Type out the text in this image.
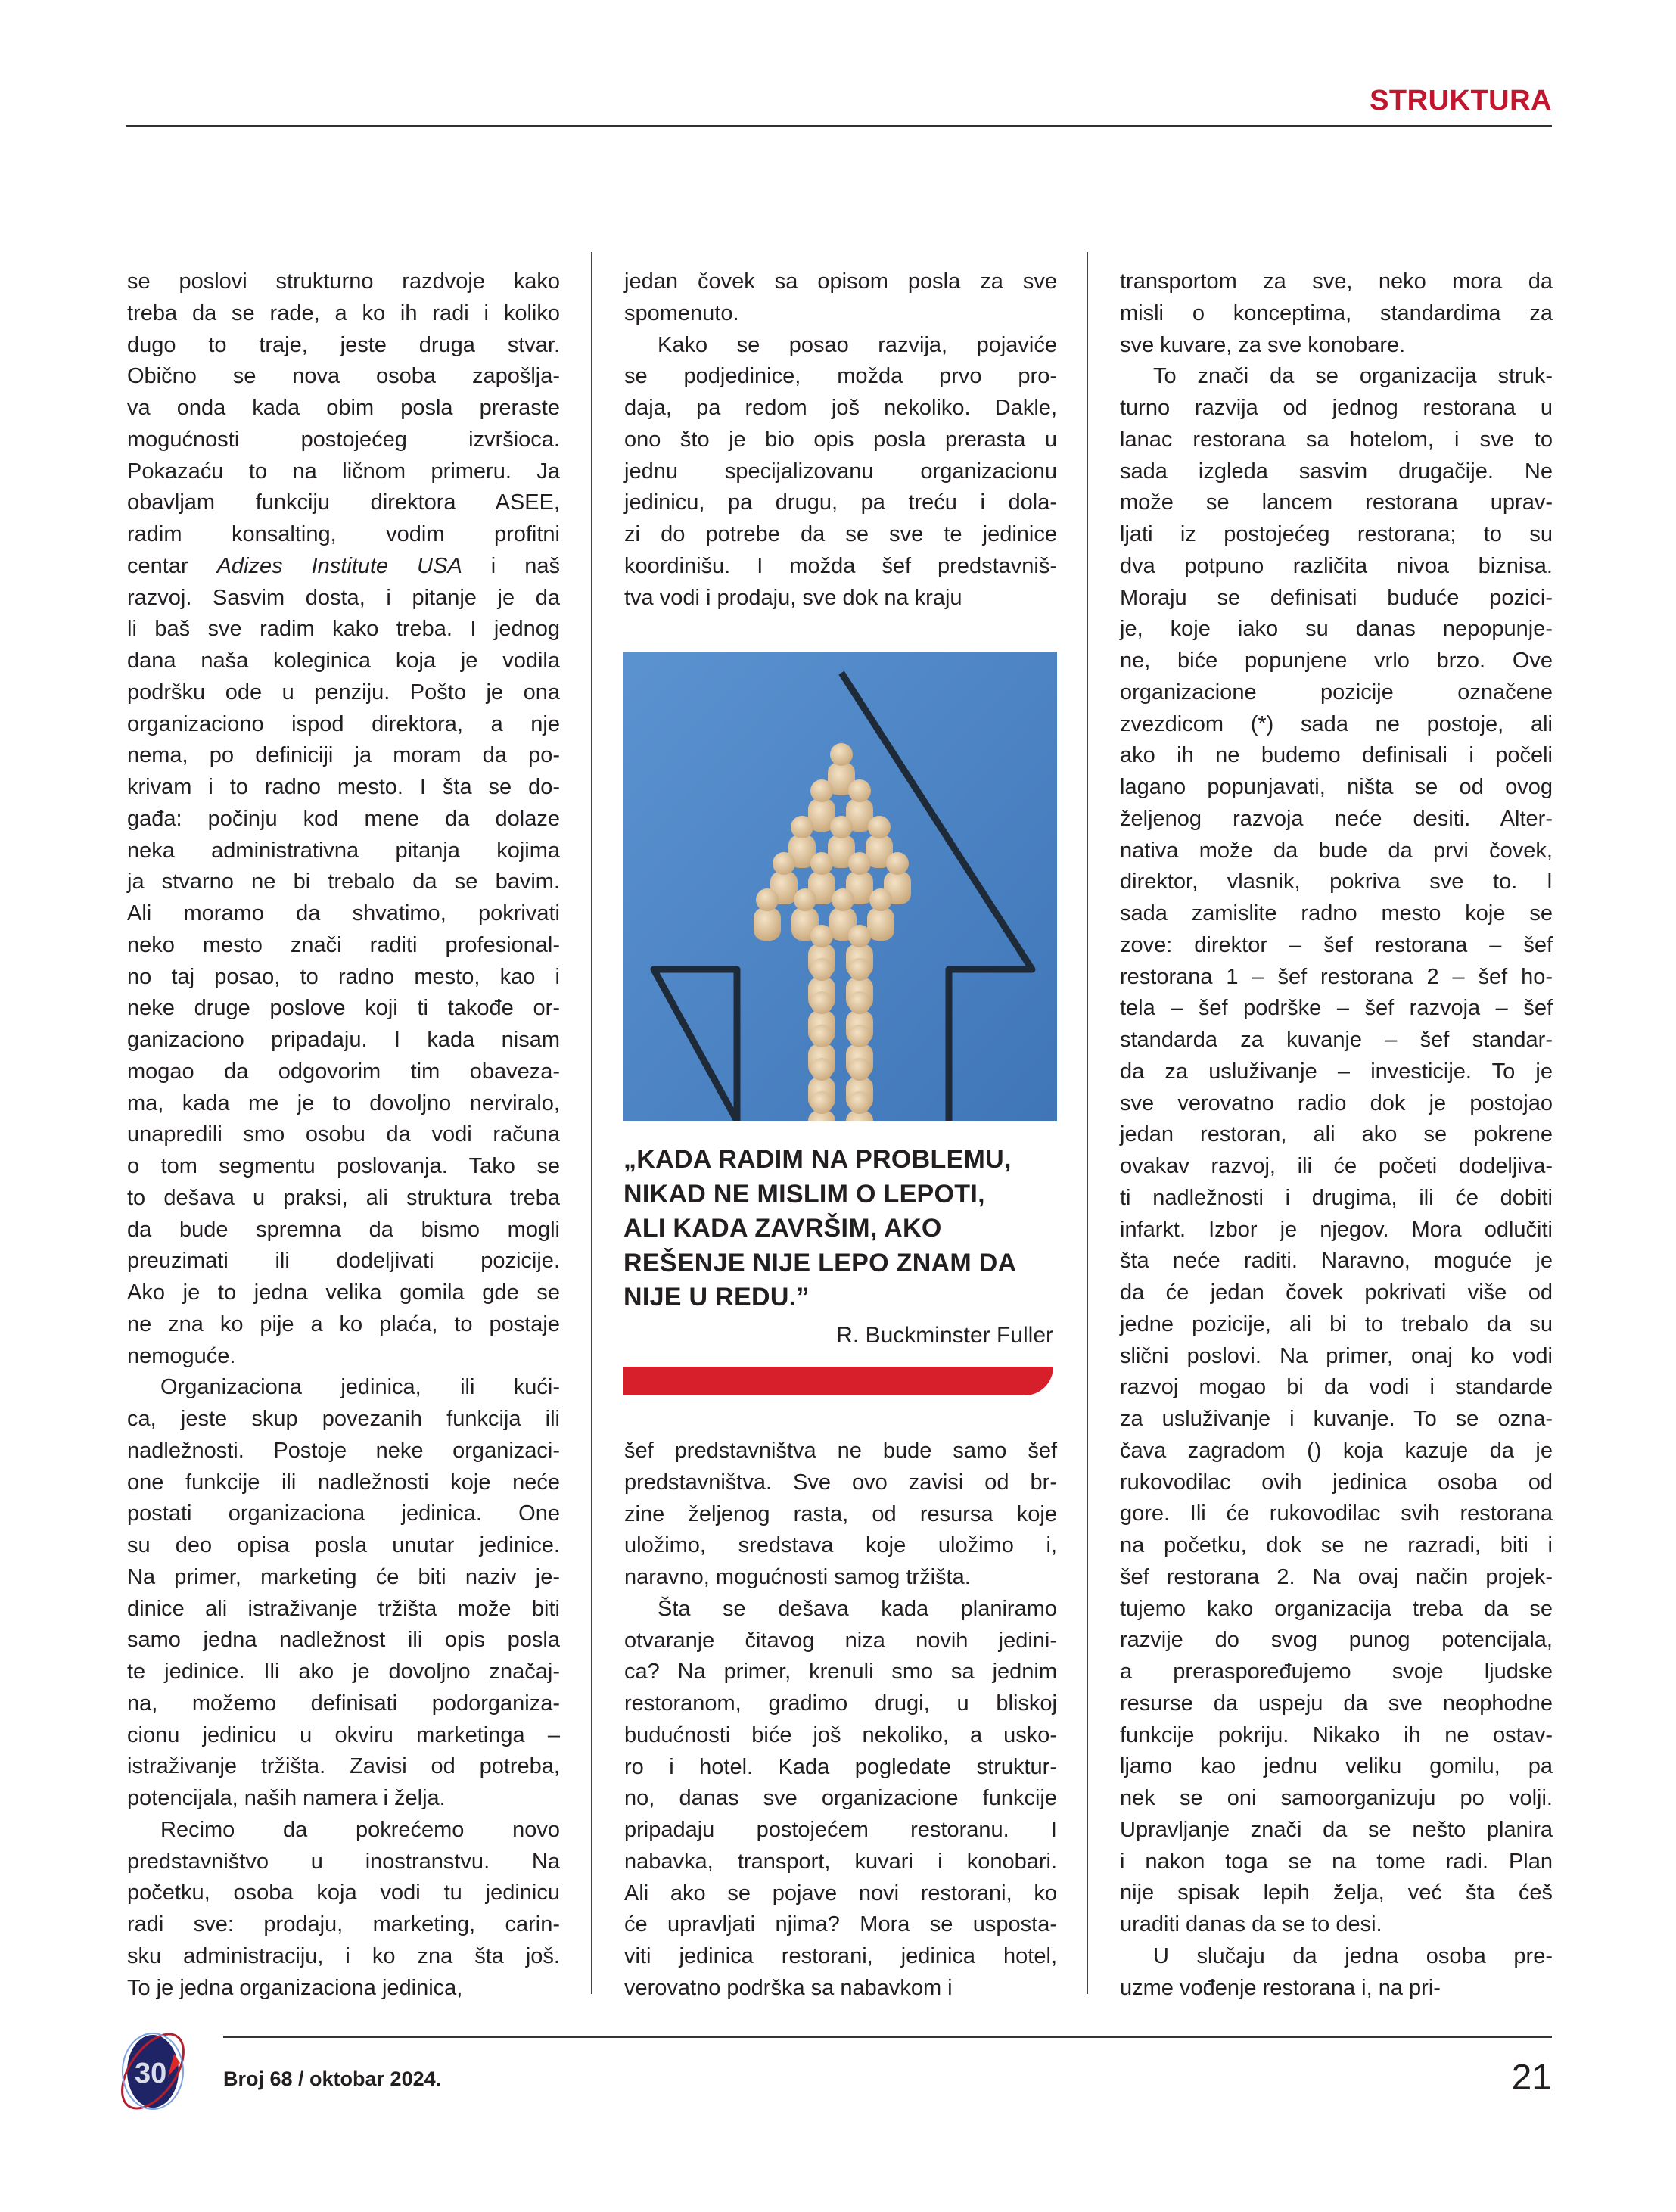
STRUKTURA
se poslovi strukturno razdvoje kako
treba da se rade, a ko ih radi i koliko
dugo to traje, jeste druga stvar.
Obično se nova osoba zapošlja-
va onda kada obim posla preraste
mogućnosti postojećeg izvršioca.
Pokazaću to na ličnom primeru. Ja
obavljam funkciju direktora ASEE,
radim konsalting, vodim profitni
centar Adizes Institute USA i naš
razvoj. Sasvim dosta, i pitanje je da
li baš sve radim kako treba. I jednog
dana naša koleginica koja je vodila
podršku ode u penziju. Pošto je ona
organizaciono ispod direktora, a nje
nema, po definiciji ja moram da po-
krivam i to radno mesto. I šta se do-
gađa: počinju kod mene da dolaze
neka administrativna pitanja kojima
ja stvarno ne bi trebalo da se bavim.
Ali moramo da shvatimo, pokrivati
neko mesto znači raditi profesional-
no taj posao, to radno mesto, kao i
neke druge poslove koji ti takođe or-
ganizaciono pripadaju. I kada nisam
mogao da odgovorim tim obaveza-
ma, kada me je to dovoljno nerviralo,
unapredili smo osobu da vodi računa
o tom segmentu poslovanja. Tako se
to dešava u praksi, ali struktura treba
da bude spremna da bismo mogli
preuzimati ili dodeljivati pozicije.
Ako je to jedna velika gomila gde se
ne zna ko pije a ko plaća, to postaje
nemoguće.
Organizaciona jedinica, ili kući-
ca, jeste skup povezanih funkcija ili
nadležnosti. Postoje neke organizaci-
one funkcije ili nadležnosti koje neće
postati organizaciona jedinica. One
su deo opisa posla unutar jedinice.
Na primer, marketing će biti naziv je-
dinice ali istraživanje tržišta može biti
samo jedna nadležnost ili opis posla
te jedinice. Ili ako je dovoljno značaj-
na, možemo definisati podorganiza-
cionu jedinicu u okviru marketinga –
istraživanje tržišta. Zavisi od potreba,
potencijala, naših namera i želja.
Recimo da pokrećemo novo
predstavništvo u inostranstvu. Na
početku, osoba koja vodi tu jedinicu
radi sve: prodaju, marketing, carin-
sku administraciju, i ko zna šta još.
To je jedna organizaciona jedinica,
jedan čovek sa opisom posla za sve
spomenuto.
Kako se posao razvija, pojaviće
se podjedinice, možda prvo pro-
daja, pa redom još nekoliko. Dakle,
ono što je bio opis posla prerasta u
jednu specijalizovanu organizacionu
jedinicu, pa drugu, pa treću i dola-
zi do potrebe da se sve te jedinice
koordinišu. I možda šef predstavniš-
tva vodi i prodaju, sve dok na kraju
„KADA RADIM NA PROBLEMU,
NIKAD NE MISLIM O LEPOTI,
ALI KADA ZAVRŠIM, AKO
REŠENJE NIJE LEPO ZNAM DA
NIJE U REDU.”
R. Buckminster Fuller
šef predstavništva ne bude samo šef
predstavništva. Sve ovo zavisi od br-
zine željenog rasta, od resursa koje
uložimo, sredstava koje uložimo i,
naravno, mogućnosti samog tržišta.
Šta se dešava kada planiramo
otvaranje čitavog niza novih jedini-
ca? Na primer, krenuli smo sa jednim
restoranom, gradimo drugi, u bliskoj
budućnosti biće još nekoliko, a usko-
ro i hotel. Kada pogledate struktur-
no, danas sve organizacione funkcije
pripadaju postojećem restoranu. I
nabavka, transport, kuvari i konobari.
Ali ako se pojave novi restorani, ko
će upravljati njima? Mora se uspostа-
viti jedinica restorani, jedinica hotel,
verovatno podrška sa nabavkom i
transportom za sve, neko mora da
misli o konceptima, standardima za
sve kuvare, za sve konobare.
To znači da se organizacija struk-
turno razvija od jednog restorana u
lanac restorana sa hotelom, i sve to
sada izgleda sasvim drugačije. Ne
može se lancem restorana uprav-
ljati iz postojećeg restorana; to su
dva potpuno različita nivoa biznisa.
Moraju se definisati buduće pozici-
je, koje iako su danas nepopunje-
ne, biće popunjene vrlo brzo. Ove
organizacione pozicije označene
zvezdicom (*) sada ne postoje, ali
ako ih ne budemo definisali i počeli
lagano popunjavati, ništa se od ovog
željenog razvoja neće desiti. Alter-
nativa može da bude da prvi čovek,
direktor, vlasnik, pokriva sve to. I
sada zamislite radno mesto koje se
zove: direktor – šef restorana – šef
restorana 1 – šef restorana 2 – šef ho-
tela – šef podrške – šef razvoja – šef
standarda za kuvanje – šef standar-
da za usluživanje – investicije. To je
sve verovatno radio dok je postojao
jedan restoran, ali ako se pokrene
ovakav razvoj, ili će početi dodeljiva-
ti nadležnosti i drugima, ili će dobiti
infarkt. Izbor je njegov. Mora odlučiti
šta neće raditi. Naravno, moguće je
da će jedan čovek pokrivati više od
jedne pozicije, ali bi to trebalo da su
slični poslovi. Na primer, onaj ko vodi
razvoj mogao bi da vodi i standarde
za usluživanje i kuvanje. To se ozna-
čava zagradom () koja kazuje da je
rukovodilac ovih jedinica osoba od
gore. Ili će rukovodilac svih restorana
na početku, dok se ne razradi, biti i
šef restorana 2. Na ovaj način projek-
tujemo kako organizacija treba da se
razvije do svog punog potencijala,
a preraspoređujemo svoje ljudske
resurse da uspeju da sve neophodne
funkcije pokriju. Nikako ih ne ostav-
ljamo kao jednu veliku gomilu, pa
nek se oni samoorganizuju po volji.
Upravljanje znači da se nešto planira
i nakon toga se na tome radi. Plan
nije spisak lepih želja, već šta ćeš
uraditi danas da se to desi.
U slučaju da jedna osoba pre-
uzme vođenje restorana i, na pri-
30	Broj 68 / oktobar 2024.	21
